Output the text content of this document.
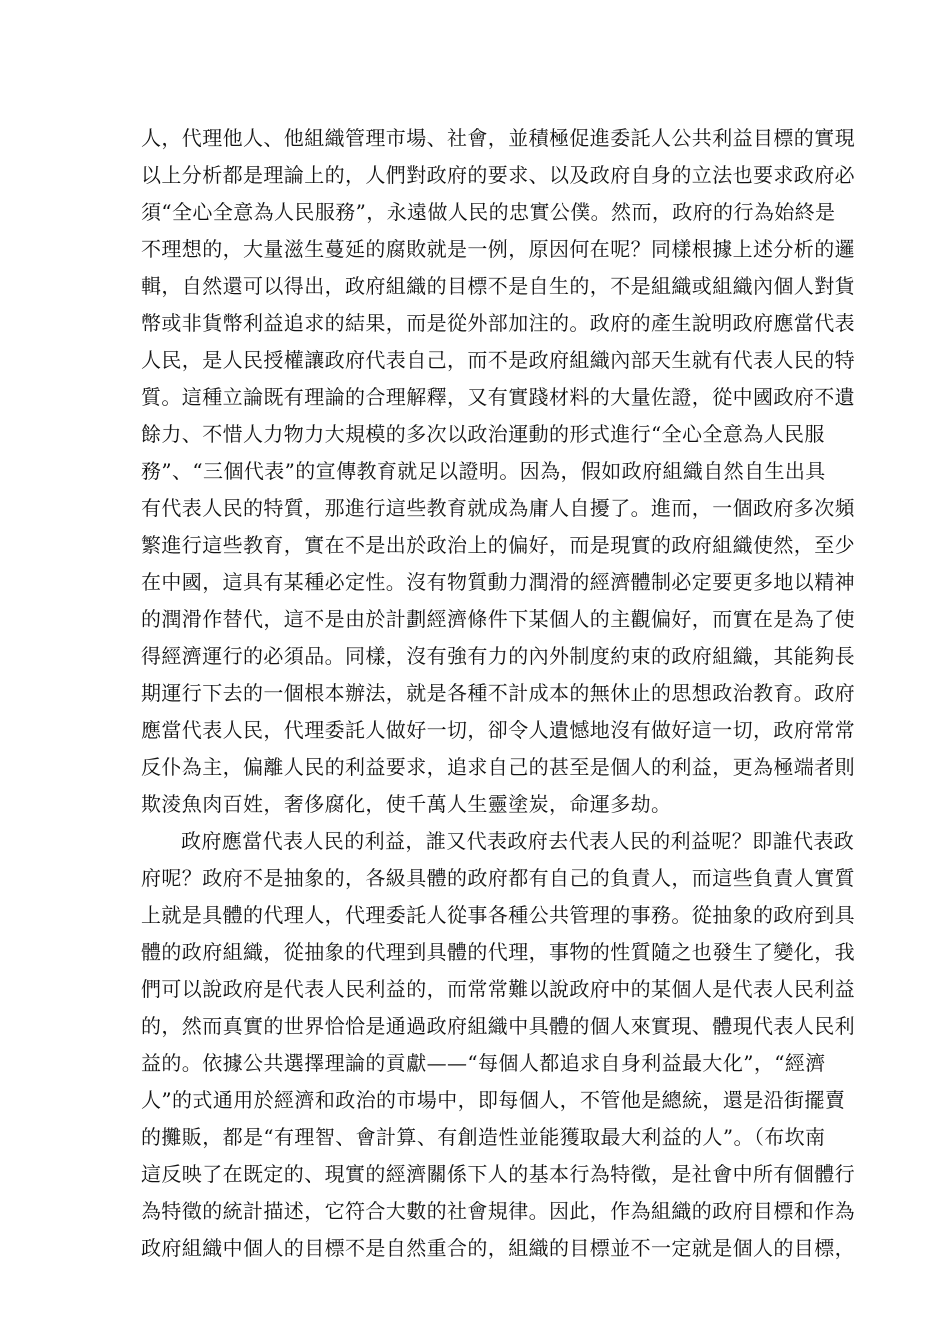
人，代理他人、他組織管理市場、社會，並積極促進委託人公共利益目標的實現
以上分析都是理論上的，人們對政府的要求、以及政府自身的立法也要求政府必
須“全心全意為人民服務”，永遠做人民的忠實公僕。然而，政府的行為始終是
不理想的，大量滋生蔓延的腐敗就是一例，原因何在呢？同樣根據上述分析的邏
輯，自然還可以得出，政府組織的目標不是自生的，不是組織或組織內個人對貨
幣或非貨幣利益追求的結果，而是從外部加注的。政府的產生說明政府應當代表
人民，是人民授權讓政府代表自己，而不是政府組織內部天生就有代表人民的特
質。這種立論既有理論的合理解釋，又有實踐材料的大量佐證，從中國政府不遺
餘力、不惜人力物力大規模的多次以政治運動的形式進行“全心全意為人民服
務”、“三個代表”的宣傳教育就足以證明。因為，假如政府組織自然自生出具
有代表人民的特質，那進行這些教育就成為庸人自擾了。進而，一個政府多次頻
繁進行這些教育，實在不是出於政治上的偏好，而是現實的政府組織使然，至少
在中國，這具有某種必定性。沒有物質動力潤滑的經濟體制必定要更多地以精神
的潤滑作替代，這不是由於計劃經濟條件下某個人的主觀偏好，而實在是為了使
得經濟運行的必須品。同樣，沒有強有力的內外制度約束的政府組織，其能夠長
期運行下去的一個根本辦法，就是各種不計成本的無休止的思想政治教育。政府
應當代表人民，代理委託人做好一切，卻令人遺憾地沒有做好這一切，政府常常
反仆為主，偏離人民的利益要求，追求自己的甚至是個人的利益，更為極端者則
欺淩魚肉百姓，奢侈腐化，使千萬人生靈塗炭，命運多劫。
政府應當代表人民的利益，誰又代表政府去代表人民的利益呢？即誰代表政
府呢？政府不是抽象的，各級具體的政府都有自己的負責人，而這些負責人實質
上就是具體的代理人，代理委託人從事各種公共管理的事務。從抽象的政府到具
體的政府組織，從抽象的代理到具體的代理，事物的性質隨之也發生了變化，我
們可以說政府是代表人民利益的，而常常難以說政府中的某個人是代表人民利益
的，然而真實的世界恰恰是通過政府組織中具體的個人來實現、體現代表人民利
益的。依據公共選擇理論的貢獻——“每個人都追求自身利益最大化”，“經濟
人”的式通用於經濟和政治的市場中，即每個人，不管他是總統，還是沿街擺賣
的攤販，都是“有理智、會計算、有創造性並能獲取最大利益的人”。（布坎南
這反映了在既定的、現實的經濟關係下人的基本行為特徵，是社會中所有個體行
為特徵的統計描述，它符合大數的社會規律。因此，作為組織的政府目標和作為
政府組織中個人的目標不是自然重合的，組織的目標並不一定就是個人的目標，
